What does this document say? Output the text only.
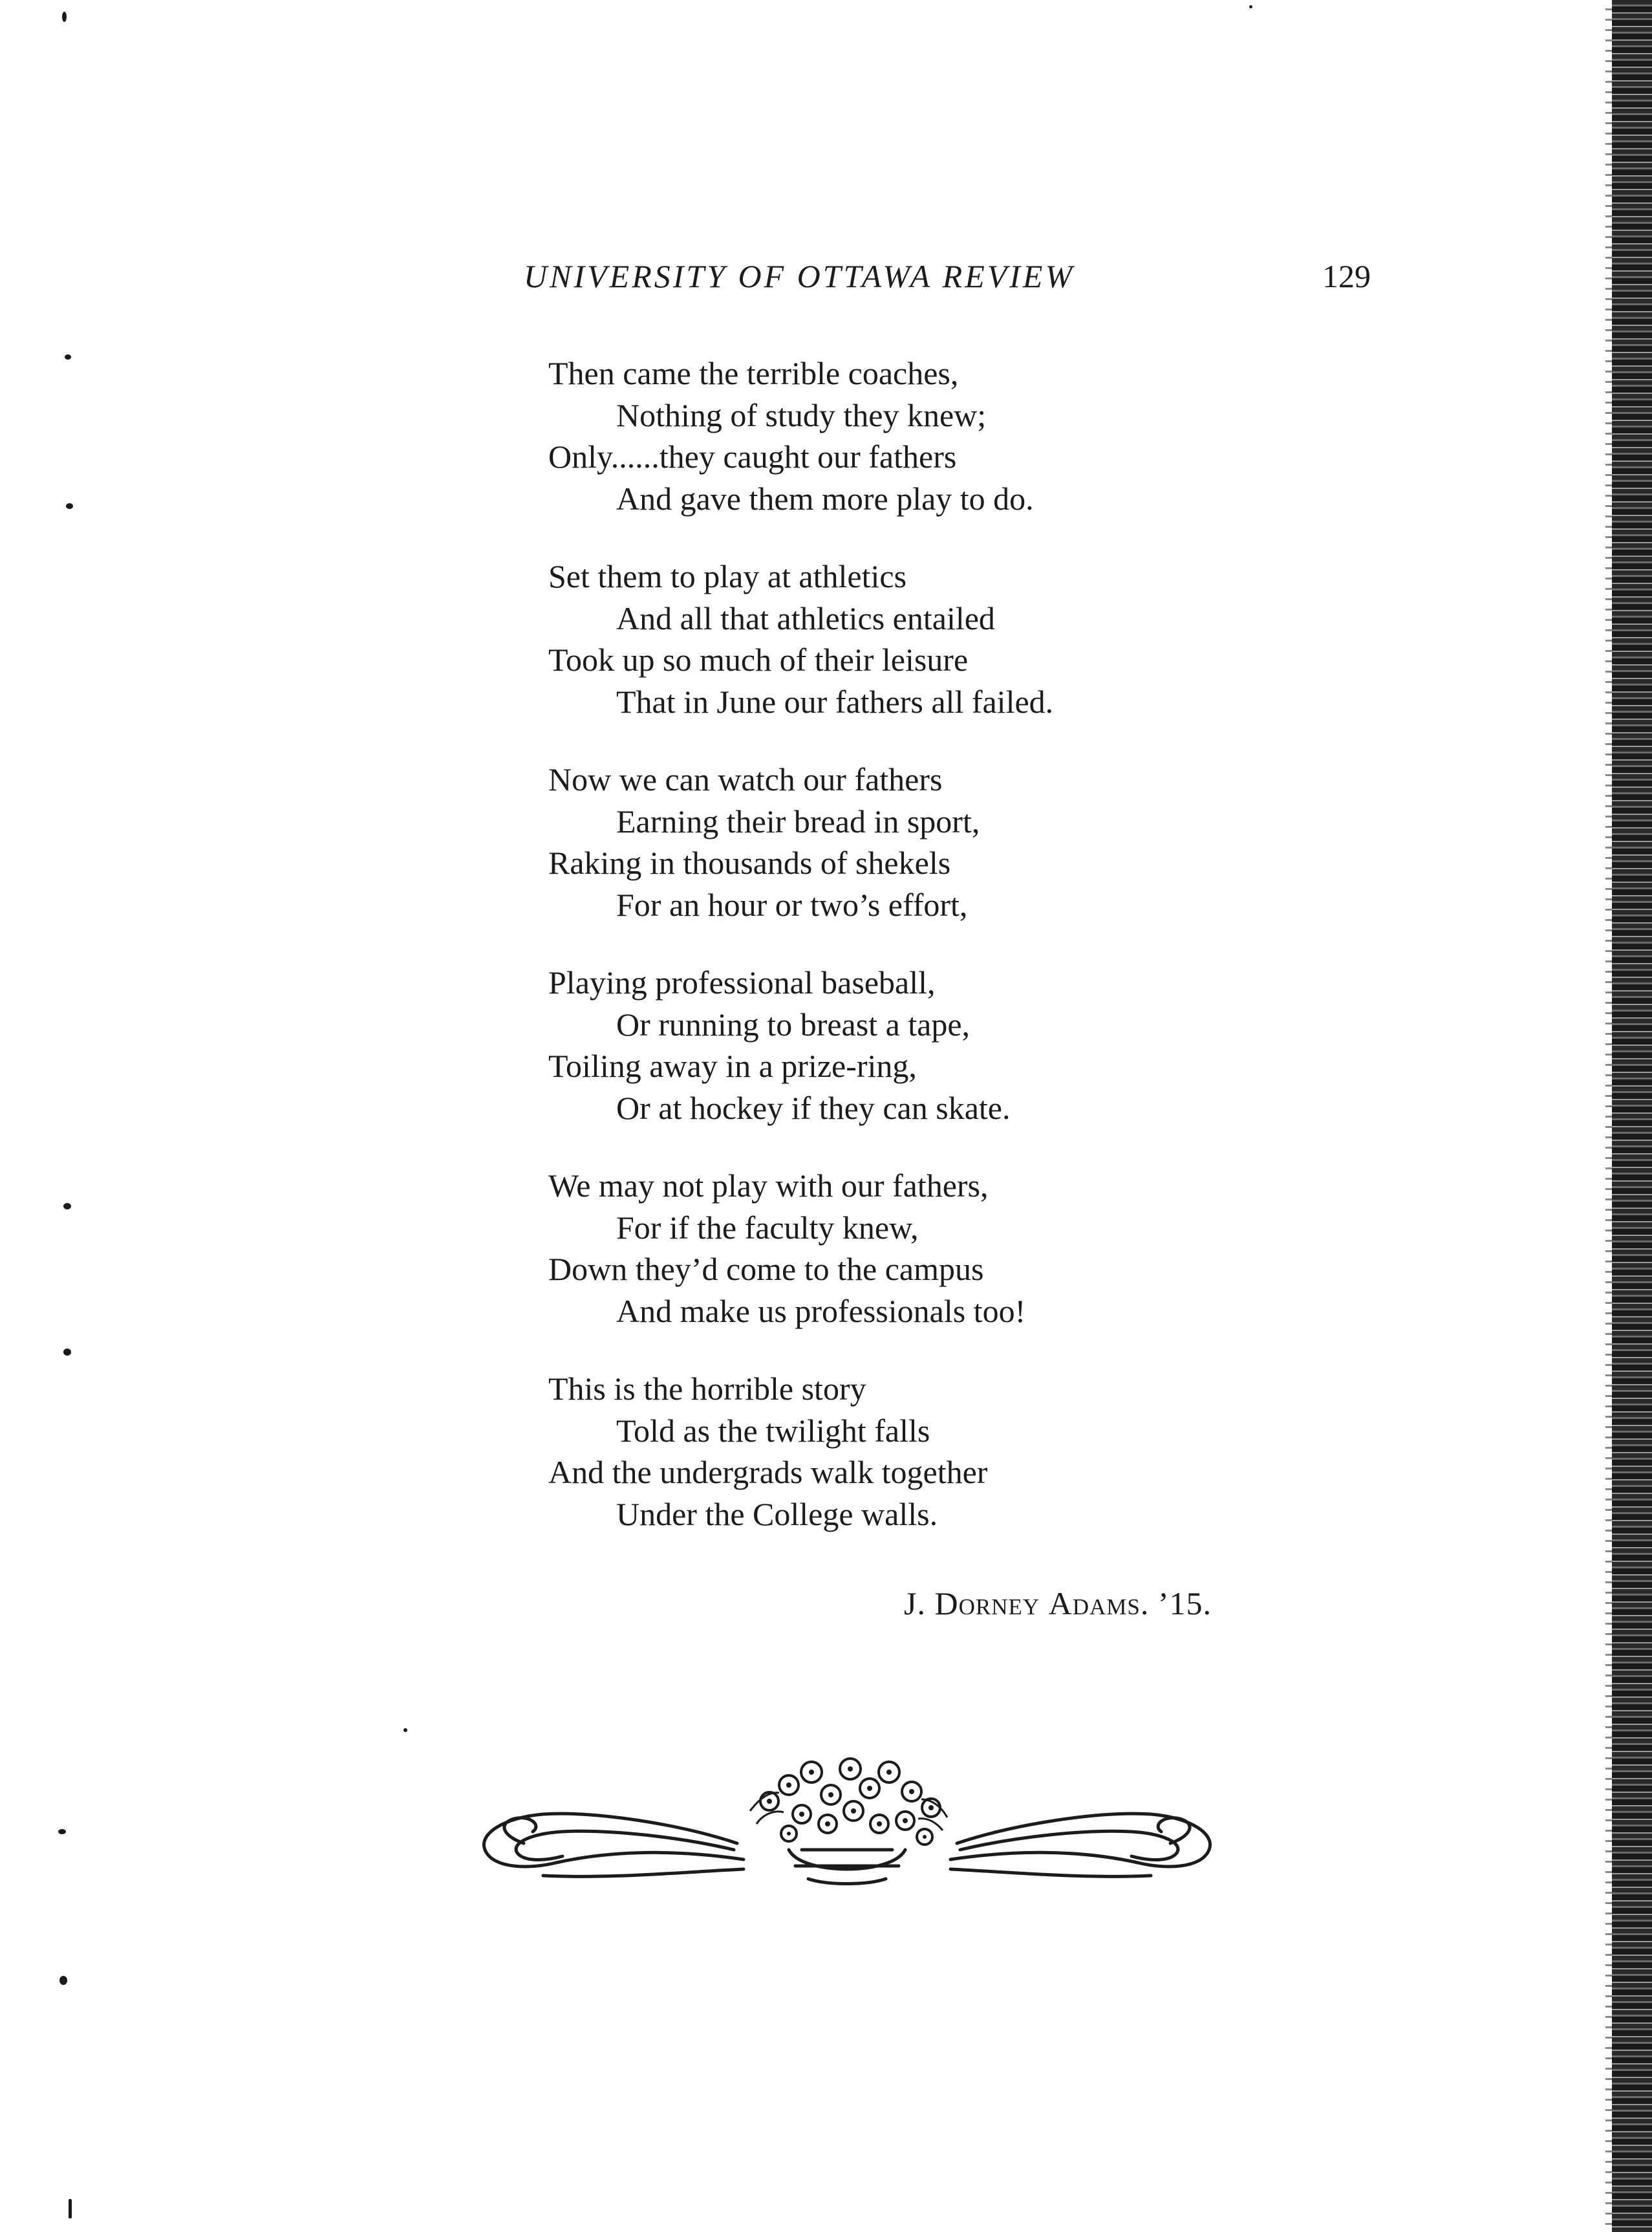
UNIVERSITY OF OTTAWA REVIEW	129
Then came the terrible coaches,
Nothing of study they knew;
Only......they caught our fathers
And gave them more play to do.
Set them to play at athletics
And all that athletics entailed
Took up so much of their leisure
That in June our fathers all failed.
Now we can watch our fathers
Earning their bread in sport,
Raking in thousands of shekels
For an hour or two’s effort,
Playing professional baseball,
Or running to breast a tape,
Toiling away in a prize-ring,
Or at hockey if they can skate.
We may not play with our fathers,
For if the faculty knew,
Down they’d come to the campus
And make us professionals too!
This is the horrible story
Told as the twilight falls
And the undergrads walk together
Under the College walls.
J. Dorney Adams. ’15.
